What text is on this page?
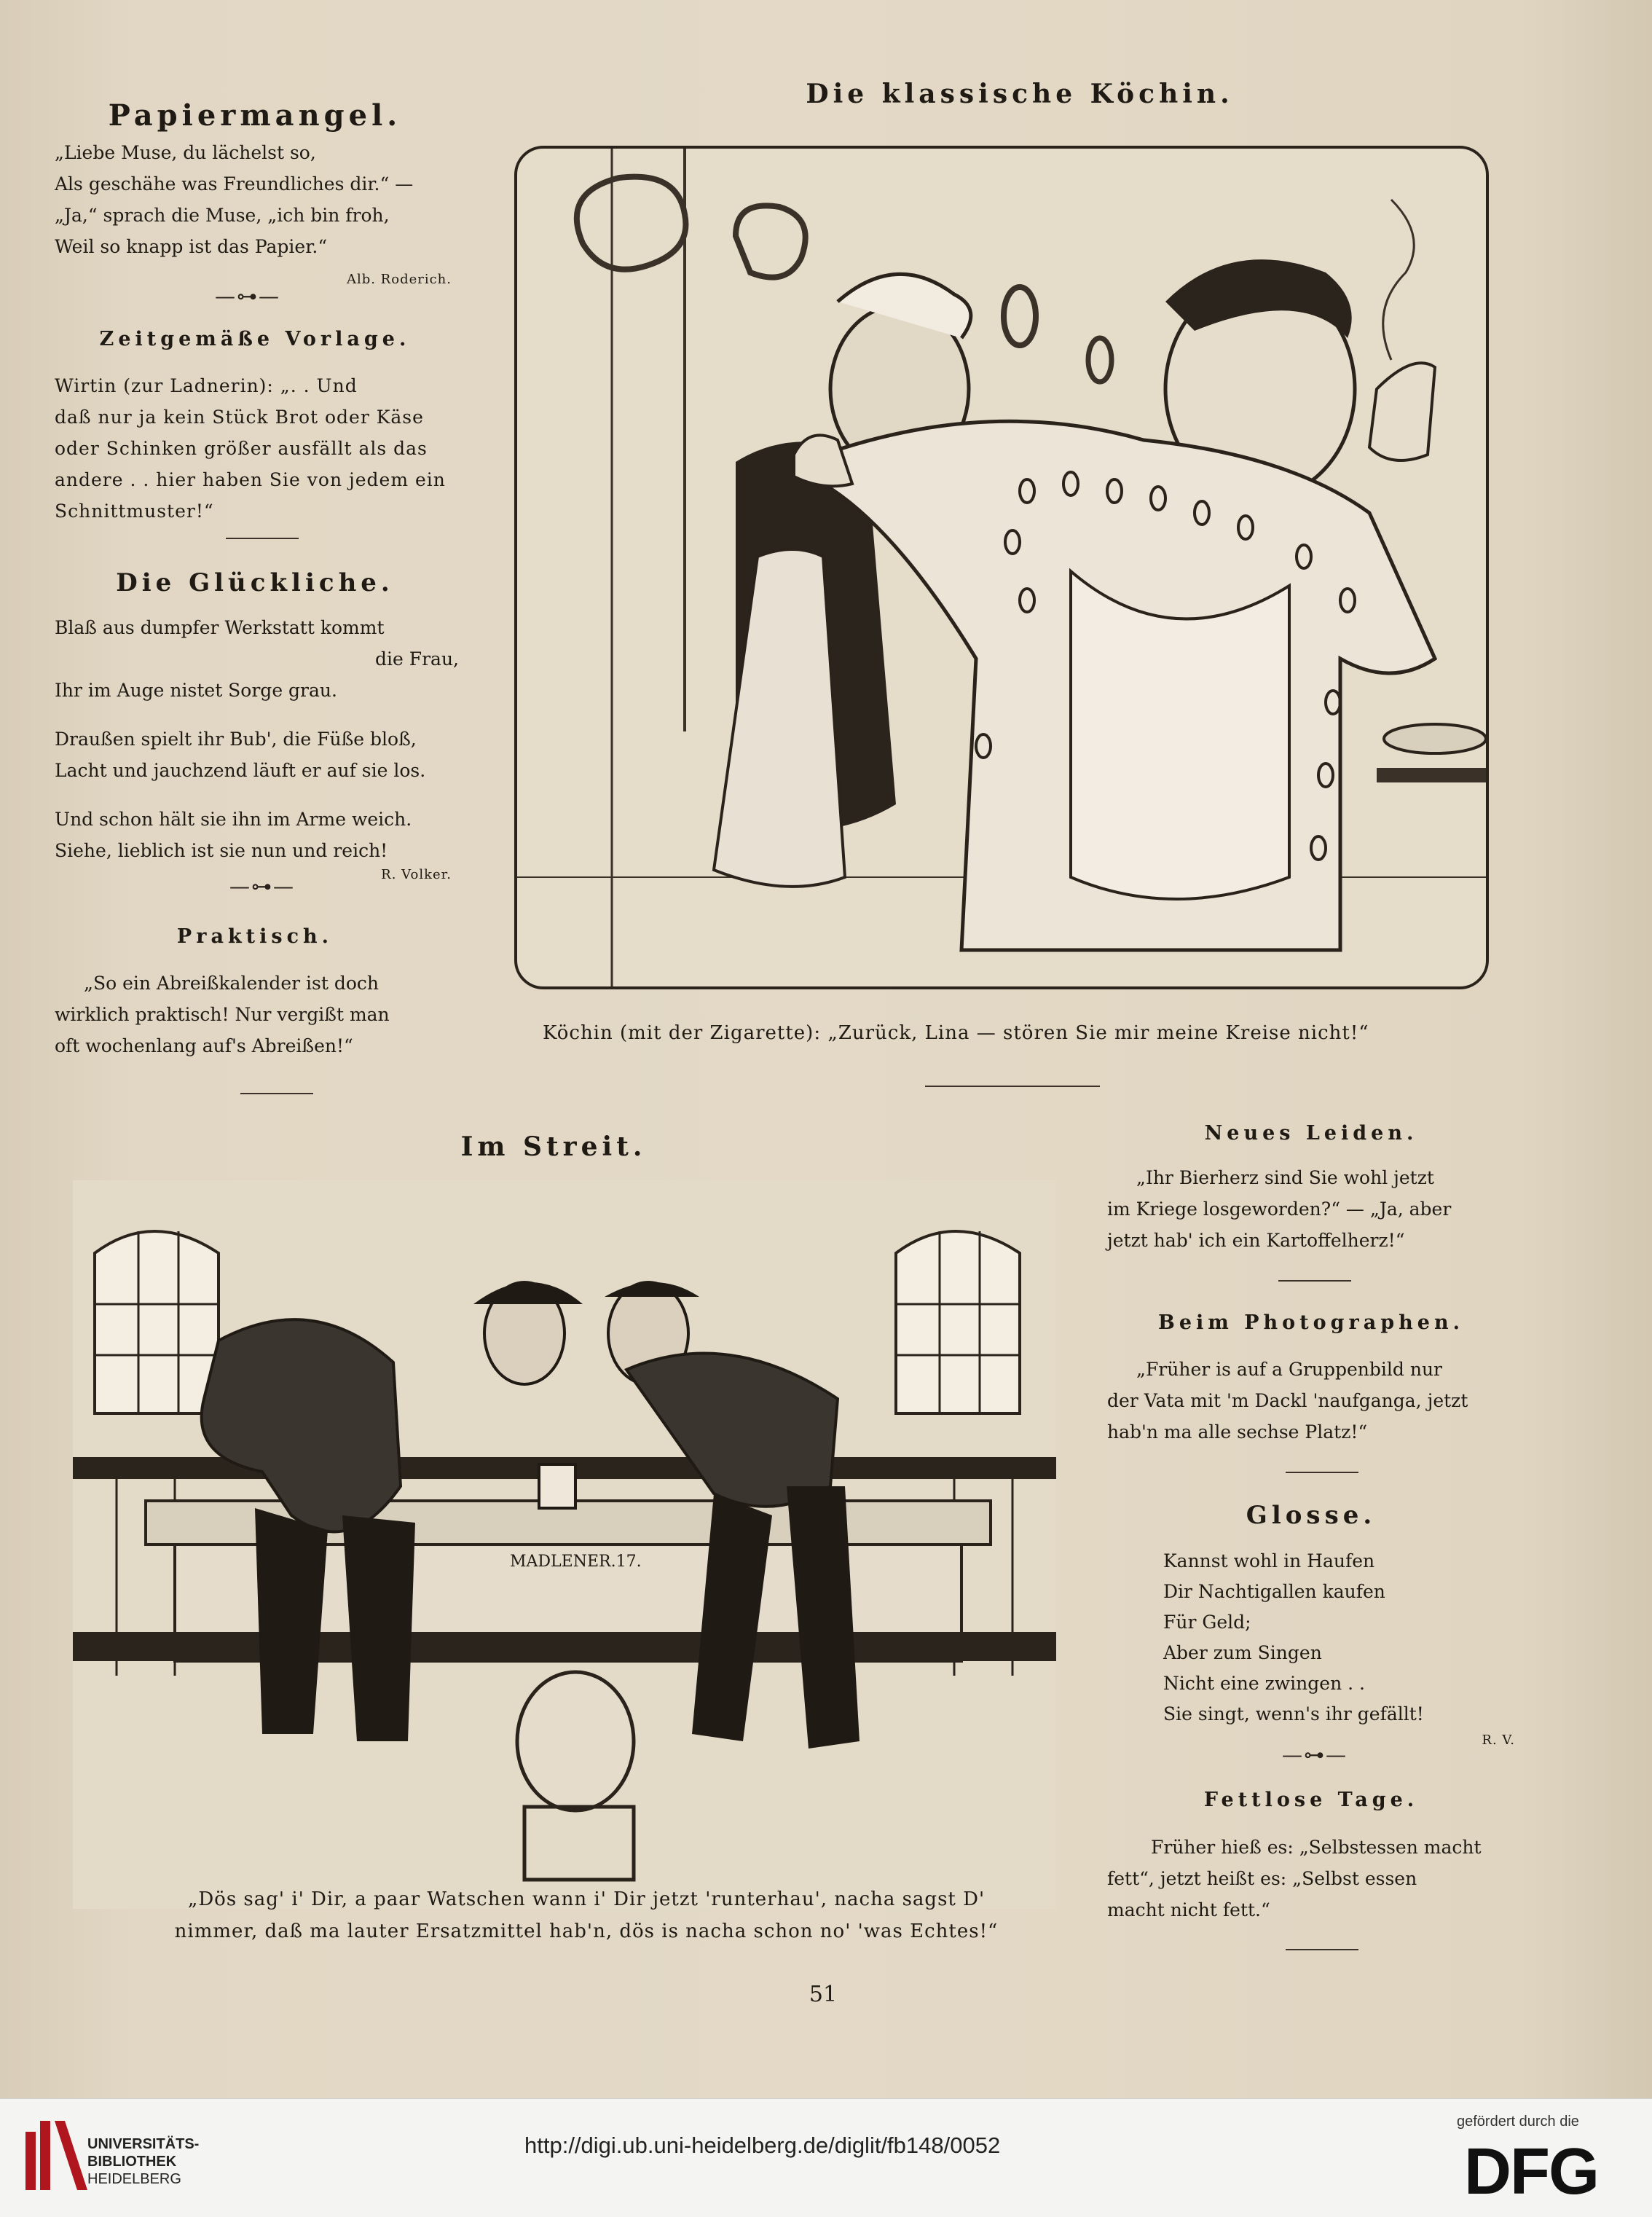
Papiermangel.
„Liebe Muse, du lächelst so,
Als geschähe was Freundliches dir.“ —
„Ja,“ sprach die Muse, „ich bin froh,
Weil so knapp ist das Papier.“
Alb. Roderich.
—⊶—
Zeitgemäße Vorlage.
Wirtin (zur Ladnerin): „. . Und
daß nur ja kein Stück Brot oder Käse
oder Schinken größer ausfällt als das
andere . . hier haben Sie von jedem ein
Schnittmuster!“
Die Glückliche.
Blaß aus dumpfer Werkstatt kommt
die Frau,
Ihr im Auge nistet Sorge grau.
Draußen spielt ihr Bub', die Füße bloß,
Lacht und jauchzend läuft er auf sie los.
Und schon hält sie ihn im Arme weich.
Siehe, lieblich ist sie nun und reich!
R. Volker.
—⊶—
Praktisch.
„So ein Abreißkalender ist doch
wirklich praktisch! Nur vergißt man
oft wochenlang auf's Abreißen!“
Die klassische Köchin.
Köchin (mit der Zigarette): „Zurück, Lina — stören Sie mir meine Kreise nicht!“
Im Streit.
MADLENER.17.
„Dös sag' i' Dir, a paar Watschen wann i' Dir jetzt 'runterhau', nacha sagst D'
nimmer, daß ma lauter Ersatzmittel hab'n, dös is nacha schon no' 'was Echtes!“
Neues Leiden.
„Ihr Bierherz sind Sie wohl jetzt
im Kriege losgeworden?“ — „Ja, aber
jetzt hab' ich ein Kartoffelherz!“
Beim Photographen.
„Früher is auf a Gruppenbild nur
der Vata mit 'm Dackl 'naufganga, jetzt
hab'n ma alle sechse Platz!“
Glosse.
Kannst wohl in Haufen
Dir Nachtigallen kaufen
Für Geld;
Aber zum Singen
Nicht eine zwingen . .
Sie singt, wenn's ihr gefällt!
R. V.
—⊶—
Fettlose Tage.
Früher hieß es: „Selbstessen macht
fett“, jetzt heißt es: „Selbst essen
macht nicht fett.“
51
UNIVERSITÄTS-
BIBLIOTHEK
HEIDELBERG
http://digi.ub.uni-heidelberg.de/diglit/fb148/0052
gefördert durch die
DFG
